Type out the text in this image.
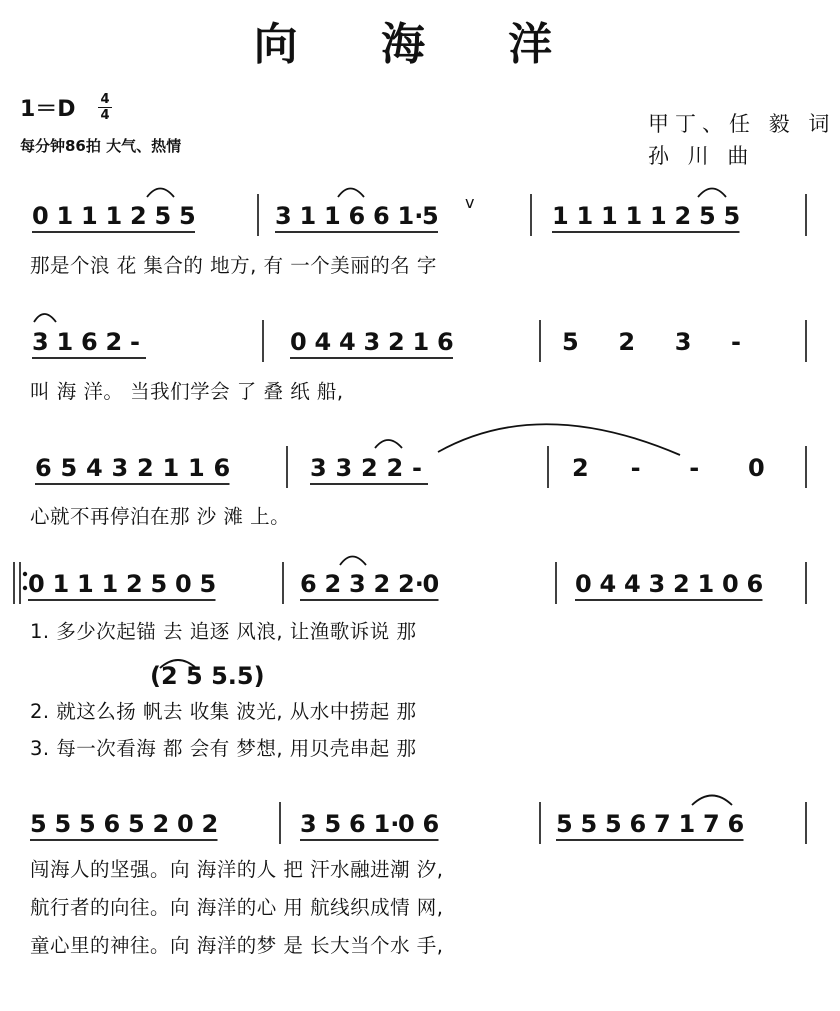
向 海 洋
1＝D 4
4
每分钟86拍 大气、热情
甲丁、任 毅 词
孙 川 曲
0 1 1 1 2 5 5	3 1 1 6 6 1·
5	1 1 1 1 1 2 5 5
3 1 6 2 -	0 4 4 3 2 1 6	5 2 3 -
6 5 4 3 2 1 1 6	3 3 2 2 -	2 - - 0
0 1 1 1 2 5 0 5	6 2 3 2 2·
0	0 4 4 3 2 1 0 6
(2 5 5.5)
5 5 5 6 5 2 0 2	3 5 6 1·
0 6	5 5 5 6 7 1 7 6
v
那是个浪 花 集合的 地方, 有 一个美丽的名 字
叫 海 洋。 当我们学会 了 叠 纸 船,
心就不再停泊在那 沙 滩 上。
1. 多少次起锚 去 追逐 风浪, 让渔歌诉说 那
2. 就这么扬 帆去 收集 波光, 从水中捞起 那
3. 每一次看海 都 会有 梦想, 用贝壳串起 那
闯海人的坚强。向 海洋的人 把 汗水融进潮 汐,
航行者的向往。向 海洋的心 用 航线织成情 网,
童心里的神往。向 海洋的梦 是 长大当个水 手,
